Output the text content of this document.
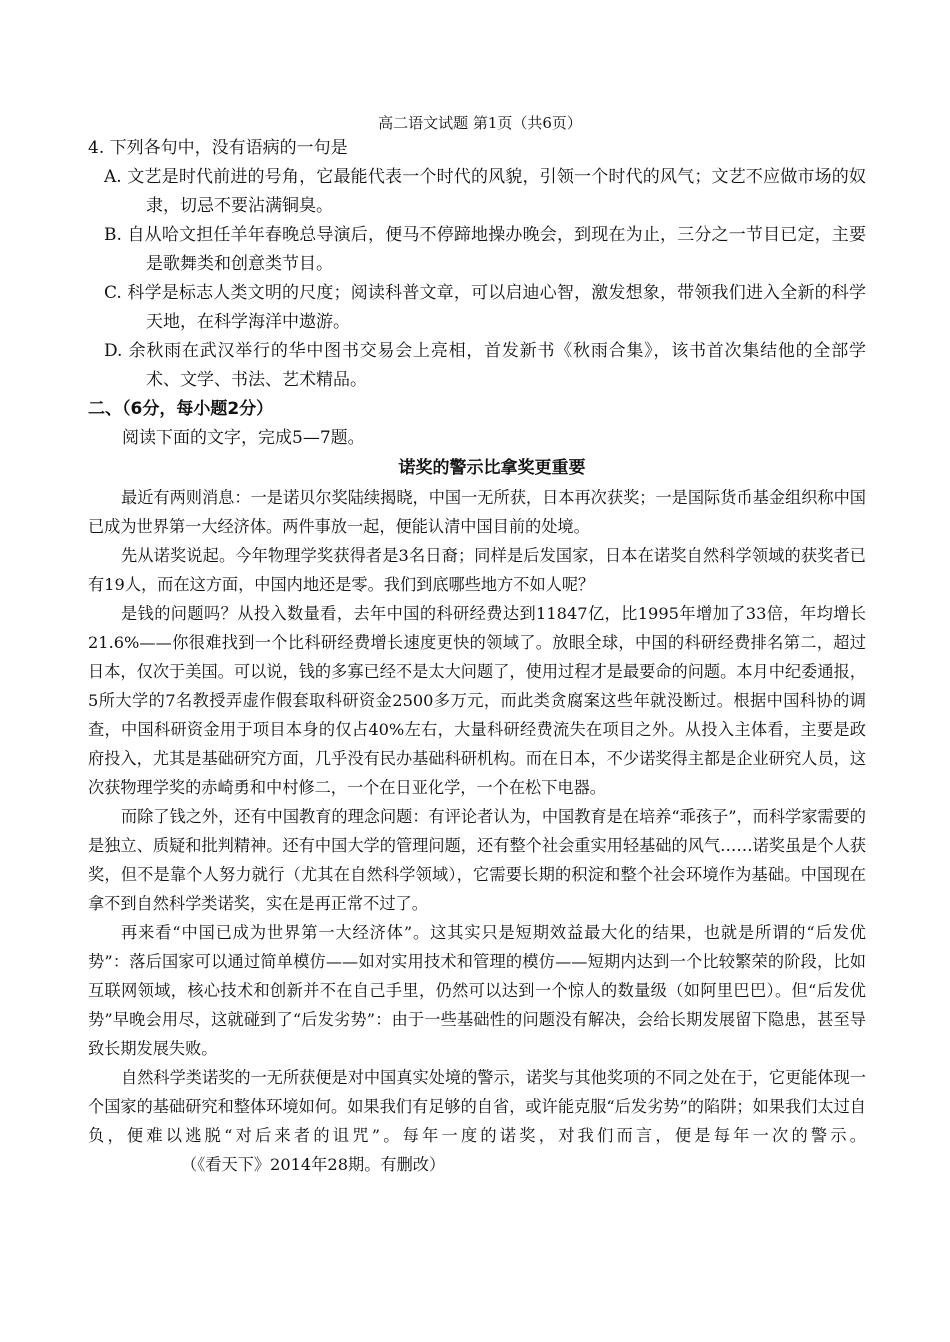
高二语文试题 第1页（共6页）
4. 下列各句中，没有语病的一句是
A. 文艺是时代前进的号角，它最能代表一个时代的风貌，引领一个时代的风气；文艺不应做市场的奴隶，切忌不要沾满铜臭。
B. 自从哈文担任羊年春晚总导演后，便马不停蹄地操办晚会，到现在为止，三分之一节目已定，主要是歌舞类和创意类节目。
C. 科学是标志人类文明的尺度；阅读科普文章，可以启迪心智，激发想象，带领我们进入全新的科学天地，在科学海洋中遨游。
D. 余秋雨在武汉举行的华中图书交易会上亮相，首发新书《秋雨合集》，该书首次集结他的全部学术、文学、书法、艺术精品。
二、（6分，每小题2分）
阅读下面的文字，完成5—7题。
诺奖的警示比拿奖更重要
最近有两则消息：一是诺贝尔奖陆续揭晓，中国一无所获，日本再次获奖；一是国际货币基金组织称中国已成为世界第一大经济体。两件事放一起，便能认清中国目前的处境。
先从诺奖说起。今年物理学奖获得者是3名日裔；同样是后发国家，日本在诺奖自然科学领域的获奖者已有19人，而在这方面，中国内地还是零。我们到底哪些地方不如人呢？
是钱的问题吗？从投入数量看，去年中国的科研经费达到11847亿，比1995年增加了33倍，年均增长21.6%——你很难找到一个比科研经费增长速度更快的领域了。放眼全球，中国的科研经费排名第二，超过日本，仅次于美国。可以说，钱的多寡已经不是太大问题了，使用过程才是最要命的问题。本月中纪委通报，5所大学的7名教授弄虚作假套取科研资金2500多万元，而此类贪腐案这些年就没断过。根据中国科协的调查，中国科研资金用于项目本身的仅占40%左右，大量科研经费流失在项目之外。从投入主体看，主要是政府投入，尤其是基础研究方面，几乎没有民办基础科研机构。而在日本，不少诺奖得主都是企业研究人员，这次获物理学奖的赤崎勇和中村修二，一个在日亚化学，一个在松下电器。
而除了钱之外，还有中国教育的理念问题：有评论者认为，中国教育是在培养“乖孩子”，而科学家需要的是独立、质疑和批判精神。还有中国大学的管理问题，还有整个社会重实用轻基础的风气……诺奖虽是个人获奖，但不是靠个人努力就行（尤其在自然科学领域），它需要长期的积淀和整个社会环境作为基础。中国现在拿不到自然科学类诺奖，实在是再正常不过了。
再来看“中国已成为世界第一大经济体”。这其实只是短期效益最大化的结果，也就是所谓的“后发优势”：落后国家可以通过简单模仿——如对实用技术和管理的模仿——短期内达到一个比较繁荣的阶段，比如互联网领域，核心技术和创新并不在自己手里，仍然可以达到一个惊人的数量级（如阿里巴巴）。但“后发优势”早晚会用尽，这就碰到了“后发劣势”：由于一些基础性的问题没有解决，会给长期发展留下隐患，甚至导致长期发展失败。
自然科学类诺奖的一无所获便是对中国真实处境的警示，诺奖与其他奖项的不同之处在于，它更能体现一个国家的基础研究和整体环境如何。如果我们有足够的自省，或许能克服“后发劣势”的陷阱；如果我们太过自负，便难以逃脱“对后来者的诅咒”。每年一度的诺奖，对我们而言，便是每年一次的警示。（《看天下》2014年28期。有删改）
